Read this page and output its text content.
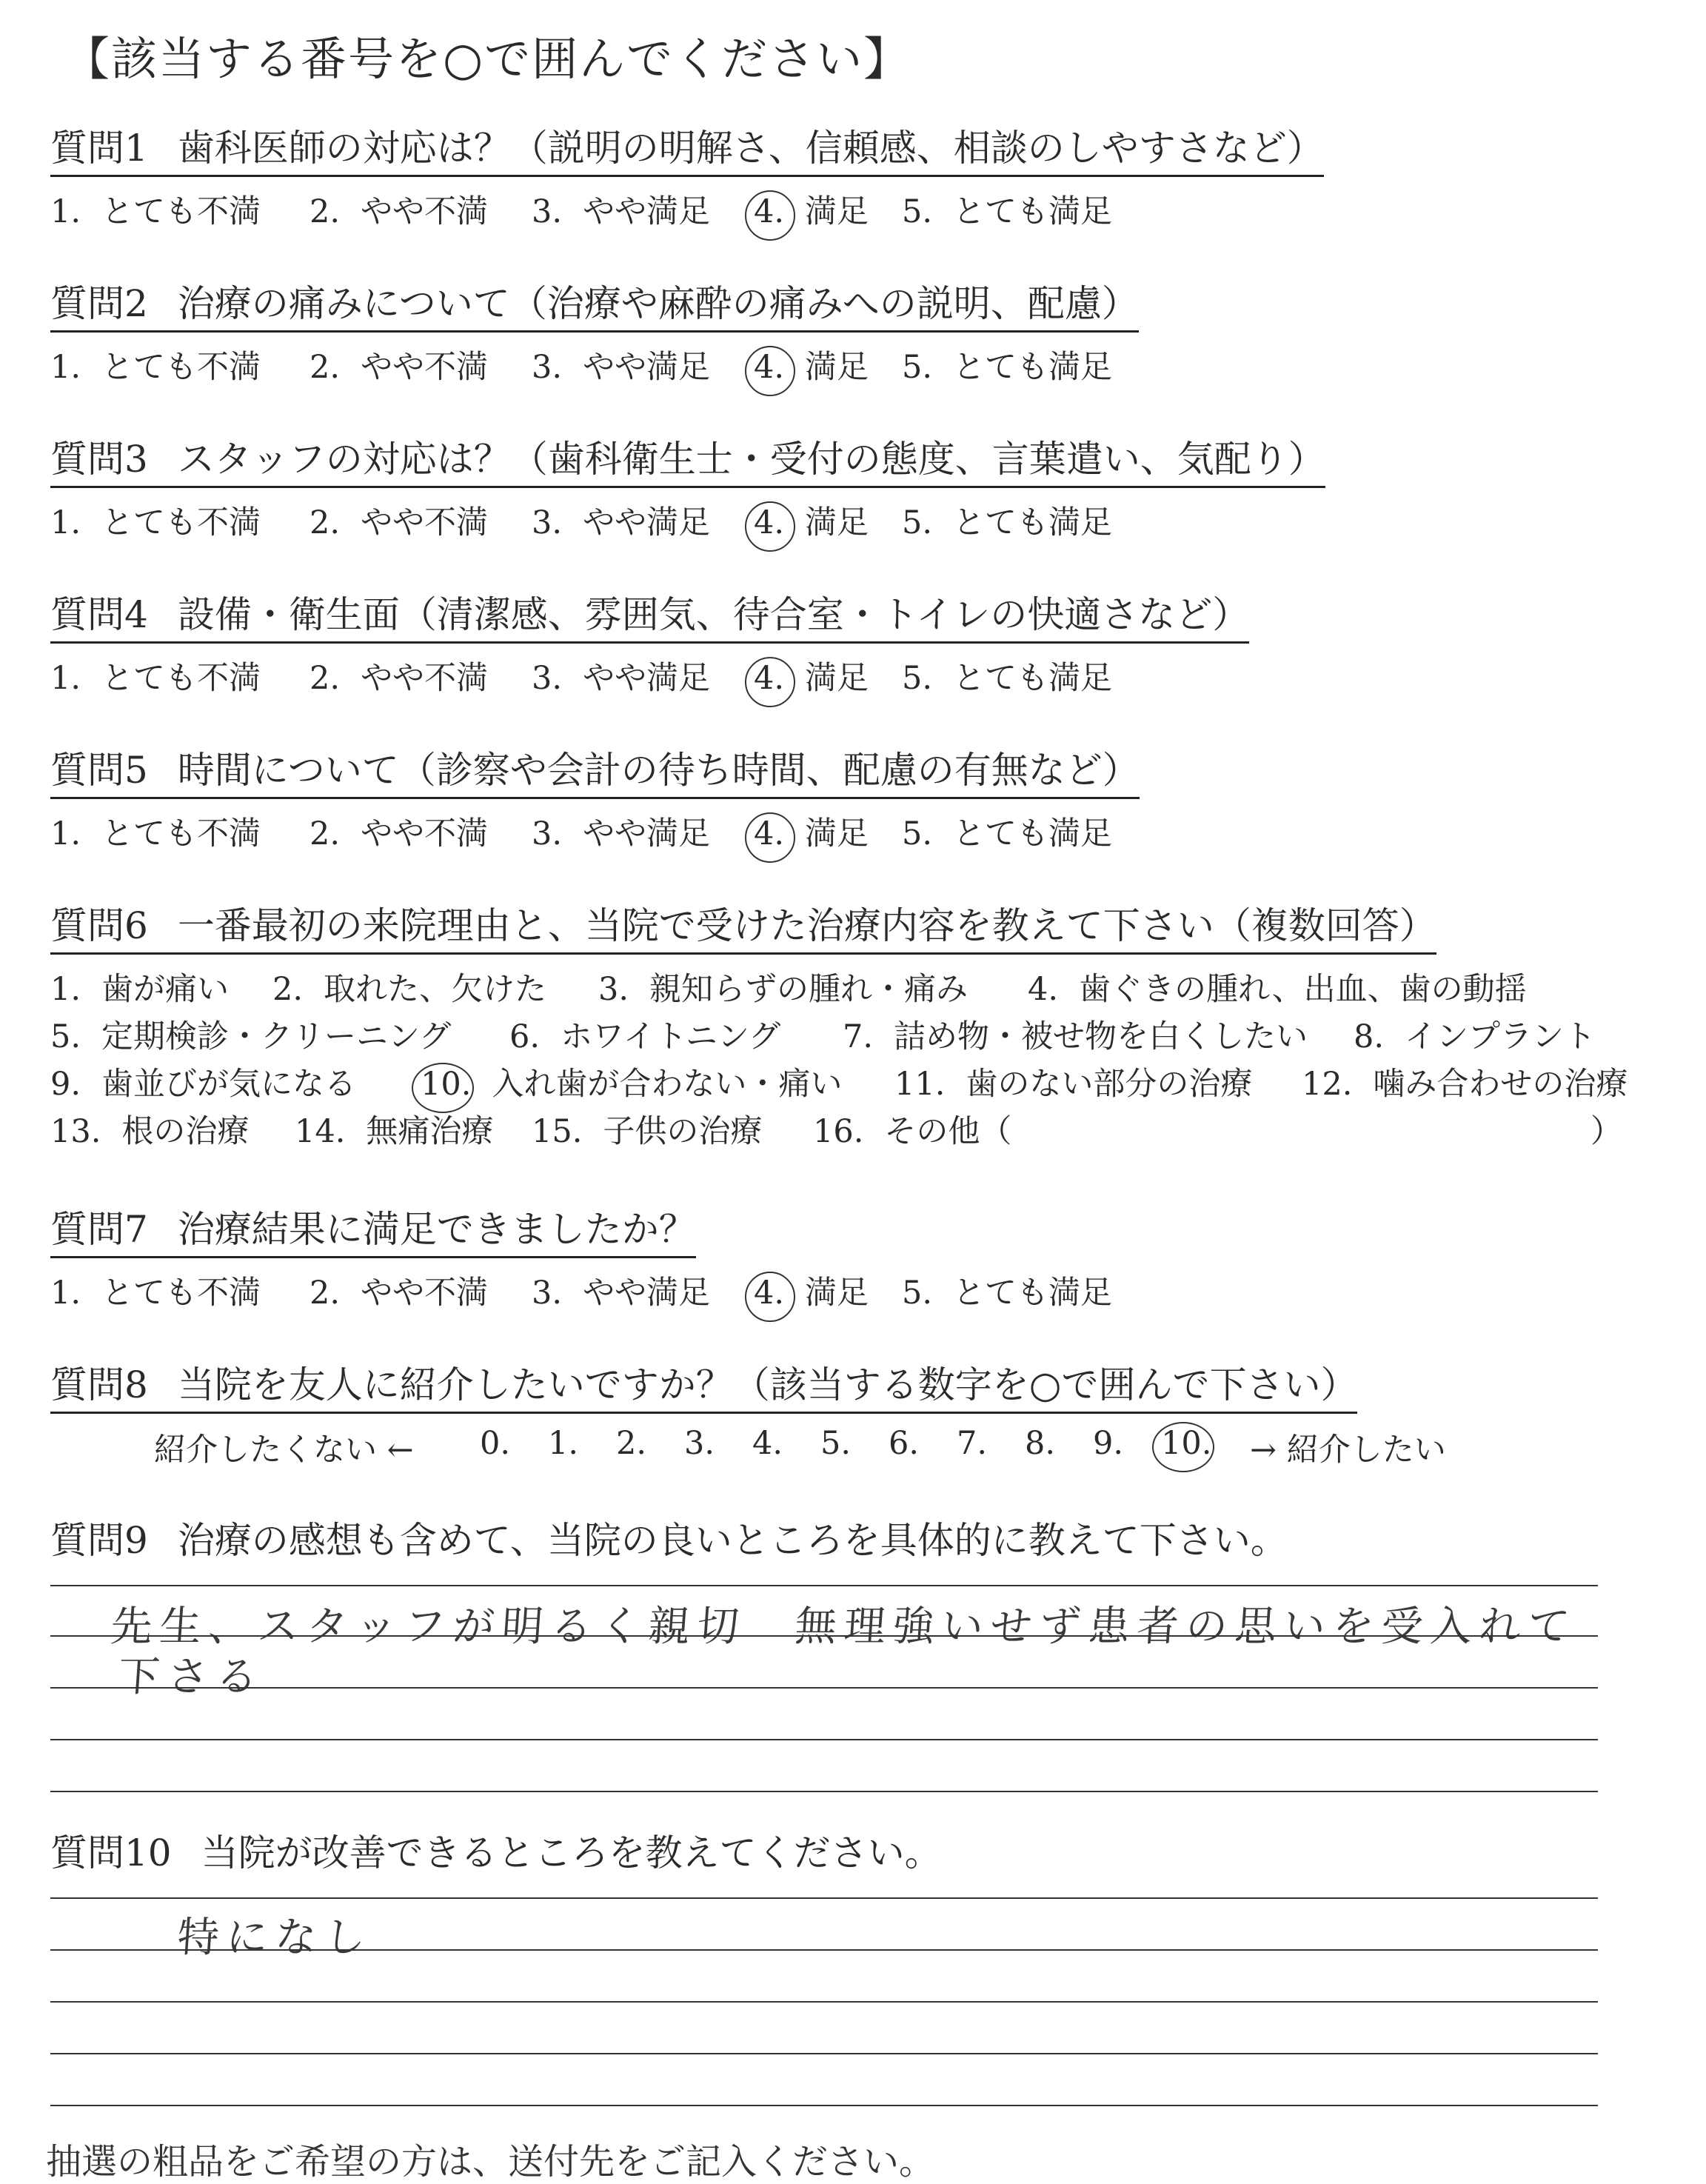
【該当する番号を○で囲んでください】
質問1 歯科医師の対応は？（説明の明解さ、信頼感、相談のしやすさなど）
1. とても不満 2. やや不満 3. やや満足 4. 満足 5. とても満足
質問2 治療の痛みについて（治療や麻酔の痛みへの説明、配慮）
1. とても不満 2. やや不満 3. やや満足 4. 満足 5. とても満足
質問3 スタッフの対応は？（歯科衛生士・受付の態度、言葉遣い、気配り）
1. とても不満 2. やや不満 3. やや満足 4. 満足 5. とても満足
質問4 設備・衛生面（清潔感、雰囲気、待合室・トイレの快適さなど）
1. とても不満 2. やや不満 3. やや満足 4. 満足 5. とても満足
質問5 時間について（診察や会計の待ち時間、配慮の有無など）
1. とても不満 2. やや不満 3. やや満足 4. 満足 5. とても満足
質問6 一番最初の来院理由と、当院で受けた治療内容を教えて下さい（複数回答）
1. 歯が痛い 2. 取れた、欠けた 3. 親知らずの腫れ・痛み 4. 歯ぐきの腫れ、出血、歯の動揺
5. 定期検診・クリーニング 6. ホワイトニング 7. 詰め物・被せ物を白くしたい 8. インプラント
9. 歯並びが気になる 10. 入れ歯が合わない・痛い 11. 歯のない部分の治療 12. 噛み合わせの治療
13. 根の治療 14. 無痛治療 15. 子供の治療 16. その他（	）
質問7 治療結果に満足できましたか？
1. とても不満 2. やや不満 3. やや満足 4. 満足 5. とても満足
質問8 当院を友人に紹介したいですか？（該当する数字を○で囲んで下さい）
紹介したくない ← 0. 1. 2. 3. 4. 5. 6. 7. 8. 9. 10. → 紹介したい
質問9 治療の感想も含めて、当院の良いところを具体的に教えて下さい。
先生、スタッフが明るく親切　無理強いせず患者の思いを受入れて
下さる
質問10 当院が改善できるところを教えてください。
特になし
抽選の粗品をご希望の方は、送付先をご記入ください。
